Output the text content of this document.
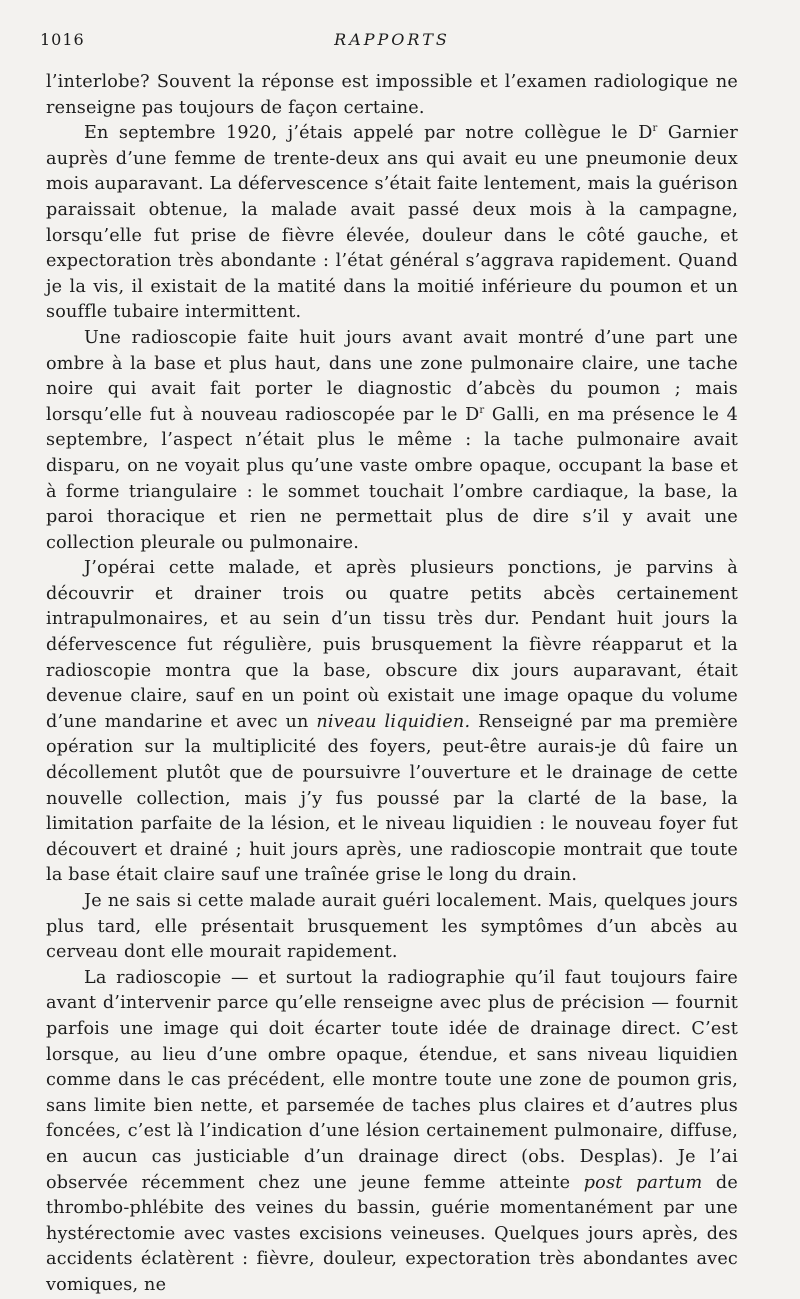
1016	RAPPORTS

l’interlobe? Souvent la réponse est impossible et l’examen radiologique ne renseigne pas toujours de façon certaine.

En septembre 1920, j’étais appelé par notre collègue le $D^r$ Garnier auprès d’une femme de trente-deux ans qui avait eu une pneumonie deux mois auparavant. La défervescence s’était faite lentement, mais la guérison paraissait obtenue, la malade avait passé deux mois à la campagne, lorsqu’elle fut prise de fièvre élevée, douleur dans le côté gauche, et expectoration très abondante : l’état général s’aggrava rapidement. Quand je la vis, il existait de la matité dans la moitié inférieure du poumon et un souffle tubaire intermittent.

Une radioscopie faite huit jours avant avait montré d’une part une ombre à la base et plus haut, dans une zone pulmonaire claire, une tache noire qui avait fait porter le diagnostic d’abcès du poumon ; mais lorsqu’elle fut à nouveau radioscopée par le $D^r$ Galli, en ma présence le 4 septembre, l’aspect n’était plus le même : la tache pulmonaire avait disparu, on ne voyait plus qu’une vaste ombre opaque, occupant la base et à forme triangulaire : le sommet touchait l’ombre cardiaque, la base, la paroi thoracique et rien ne permettait plus de dire s’il y avait une collection pleurale ou pulmonaire.

J’opérai cette malade, et après plusieurs ponctions, je parvins à découvrir et drainer trois ou quatre petits abcès certainement intrapulmonaires, et au sein d’un tissu très dur. Pendant huit jours la défervescence fut régulière, puis brusquement la fièvre réapparut et la radioscopie montra que la base, obscure dix jours auparavant, était devenue claire, sauf en un point où existait une image opaque du volume d’une mandarine et avec un niveau liquidien. Renseigné par ma première opération sur la multiplicité des foyers, peut-être aurais-je dû faire un décollement plutôt que de poursuivre l’ouverture et le drainage de cette nouvelle collection, mais j’y fus poussé par la clarté de la base, la limitation parfaite de la lésion, et le niveau liquidien : le nouveau foyer fut découvert et drainé ; huit jours après, une radioscopie montrait que toute la base était claire sauf une traînée grise le long du drain.

Je ne sais si cette malade aurait guéri localement. Mais, quelques jours plus tard, elle présentait brusquement les symptômes d’un abcès au cerveau dont elle mourait rapidement.

La radioscopie — et surtout la radiographie qu’il faut toujours faire avant d’intervenir parce qu’elle renseigne avec plus de précision — fournit parfois une image qui doit écarter toute idée de drainage direct. C’est lorsque, au lieu d’une ombre opaque, étendue, et sans niveau liquidien comme dans le cas précédent, elle montre toute une zone de poumon gris, sans limite bien nette, et parsemée de taches plus claires et d’autres plus foncées, c’est là l’indication d’une lésion certainement pulmonaire, diffuse, en aucun cas justiciable d’un drainage direct (obs. Desplas). Je l’ai observée récemment chez une jeune femme atteinte post partum de thrombo-phlébite des veines du bassin, guérie momentanément par une hystérectomie avec vastes excisions veineuses. Quelques jours après, des accidents éclatèrent : fièvre, douleur, expectoration très abondantes avec vomiques, ne
